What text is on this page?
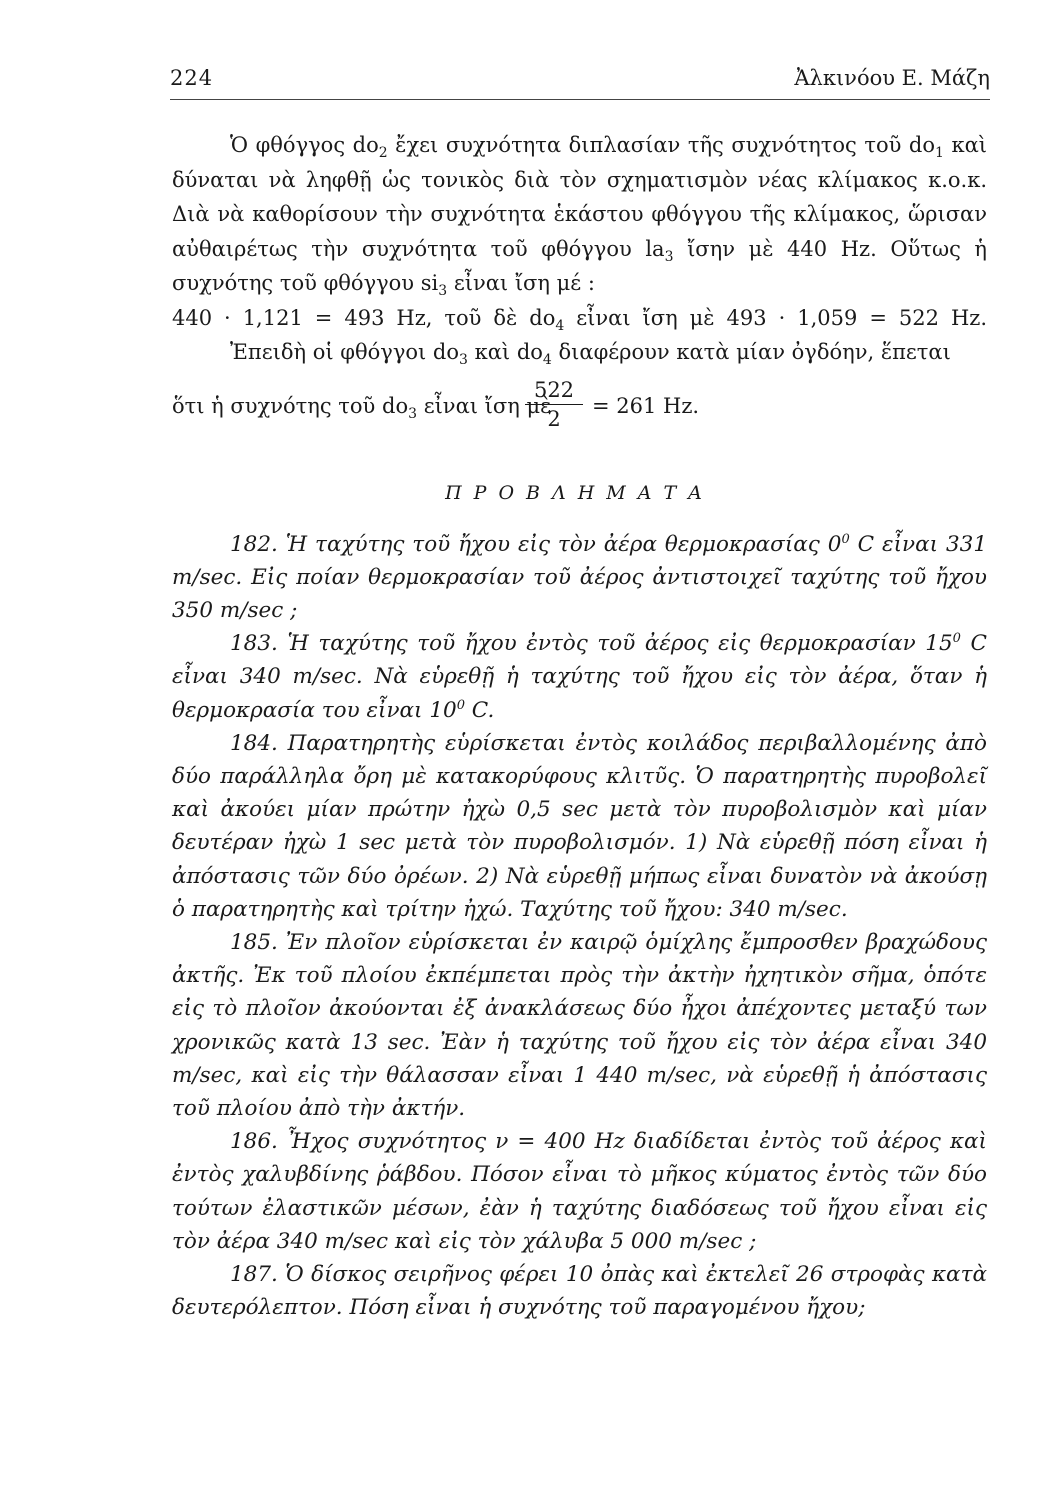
224	Ἀλκινόου Ε. Μάζη

Ὁ φθόγγος $do_2$ ἔχει συχνότητα διπλασίαν τῆς συχνότητος τοῦ $do_1$ καὶ δύναται νὰ ληφθῇ ὡς τονικὸς διὰ τὸν σχηματισμὸν νέας κλίμακος κ.ο.κ. Διὰ νὰ καθορίσουν τὴν συχνότητα ἑκάστου φθόγγου τῆς κλίμακος, ὥρισαν αὐθαιρέτως τὴν συχνότητα τοῦ φθόγγου $la_3$ ἴσην μὲ 440 Hz. Οὕτως ἡ συχνότης τοῦ φθόγγου $si_3$ εἶναι ἴση μέ :

440 · 1,121 = 493 Hz, τοῦ δὲ $do_4$ εἶναι ἴση μὲ 493 · 1,059 = 522 Hz.

Ἐπειδὴ οἱ φθόγγοι $do_3$ καὶ $do_4$ διαφέρουν κατὰ μίαν ὀγδόην, ἕπεται

ὅτι ἡ συχνότης τοῦ $do_3$ εἶναι ἴση μὲ
$\frac{522}{2} = 261$ Hz.
ΠΡΟΒΛΗΜΑΤΑ

182. Ἡ ταχύτης τοῦ ἤχου εἰς τὸν ἀέρα θερμοκρασίας $0^0$ C εἶναι 331 m/sec. Εἰς ποίαν θερμοκρασίαν τοῦ ἀέρος ἀντιστοιχεῖ ταχύτης τοῦ ἤχου 350 m/sec ;

183. Ἡ ταχύτης τοῦ ἤχου ἐντὸς τοῦ ἀέρος εἰς θερμοκρασίαν $15^0$ C εἶναι 340 m/sec. Νὰ εὑρεθῇ ἡ ταχύτης τοῦ ἤχου εἰς τὸν ἀέρα, ὅταν ἡ θερμοκρασία του εἶναι $10^0$ C.

184. Παρατηρητὴς εὑρίσκεται ἐντὸς κοιλάδος περιβαλλομένης ἀπὸ δύο παράλληλα ὄρη μὲ κατακορύφους κλιτῦς. Ὁ παρατηρητὴς πυροβολεῖ καὶ ἀκούει μίαν πρώτην ἠχὼ 0,5 sec μετὰ τὸν πυροβολισμὸν καὶ μίαν δευτέραν ἠχὼ 1 sec μετὰ τὸν πυροβολισμόν. 1) Νὰ εὑρεθῇ πόση εἶναι ἡ ἀπόστασις τῶν δύο ὀρέων. 2) Νὰ εὑρεθῇ μήπως εἶναι δυνατὸν νὰ ἀκούσῃ ὁ παρατηρητὴς καὶ τρίτην ἠχώ. Ταχύτης τοῦ ἤχου: 340 m/sec.

185. Ἐν πλοῖον εὑρίσκεται ἐν καιρῷ ὁμίχλης ἔμπροσθεν βραχώδους ἀκτῆς. Ἐκ τοῦ πλοίου ἐκπέμπεται πρὸς τὴν ἀκτὴν ἠχητικὸν σῆμα, ὁπότε εἰς τὸ πλοῖον ἀκούονται ἐξ ἀνακλάσεως δύο ἦχοι ἀπέχοντες μεταξύ των χρονικῶς κατὰ 13 sec. Ἐὰν ἡ ταχύτης τοῦ ἤχου εἰς τὸν ἀέρα εἶναι 340 m/sec, καὶ εἰς τὴν θάλασσαν εἶναι 1 440 m/sec, νὰ εὑρεθῇ ἡ ἀπόστασις τοῦ πλοίου ἀπὸ τὴν ἀκτήν.

186. Ἦχος συχνότητος ν = 400 Hz διαδίδεται ἐντὸς τοῦ ἀέρος καὶ ἐντὸς χαλυβδίνης ῥάβδου. Πόσον εἶναι τὸ μῆκος κύματος ἐντὸς τῶν δύο τούτων ἐλαστικῶν μέσων, ἐὰν ἡ ταχύτης διαδόσεως τοῦ ἤχου εἶναι εἰς τὸν ἀέρα 340 m/sec καὶ εἰς τὸν χάλυβα 5 000 m/sec ;

187. Ὁ δίσκος σειρῆνος φέρει 10 ὀπὰς καὶ ἐκτελεῖ 26 στροφὰς κατὰ δευτερόλεπτον. Πόση εἶναι ἡ συχνότης τοῦ παραγομένου ἤχου;
